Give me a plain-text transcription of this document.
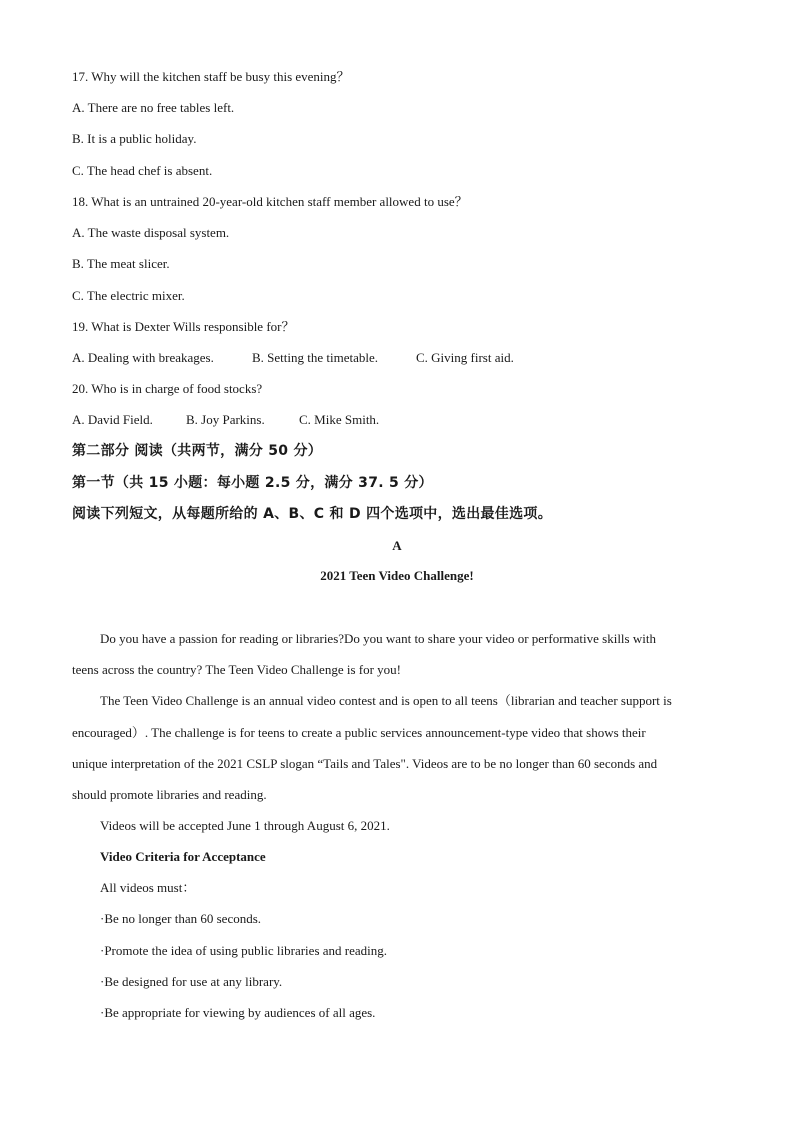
17. Why will the kitchen staff be busy this evening？
A. There are no free tables left.
B. It is a public holiday.
C. The head chef is absent.
18. What is an untrained 20-year-old kitchen staff member allowed to use？
A. The waste disposal system.
B. The meat slicer.
C. The electric mixer.
19. What is Dexter Wills responsible for？
A. Dealing with breakages.	B. Setting the timetable.	C. Giving first aid.
20. Who is in charge of food stocks?
A. David Field.	B. Joy Parkins.	C. Mike Smith.
第二部分 阅读（共两节，满分 50 分）
第一节（共 15 小题：每小题 2.5 分，满分 37. 5 分）
阅读下列短文，从每题所给的 A、B、C 和 D 四个选项中，选出最佳选项。
A
2021 Teen Video Challenge!
Do you have a passion for reading or libraries?Do you want to share your video or performative skills with
teens across the country? The Teen Video Challenge is for you!
The Teen Video Challenge is an annual video contest and is open to all teens（librarian and teacher support is
encouraged）. The challenge is for teens to create a public services announcement-type video that shows their
unique interpretation of the 2021 CSLP slogan “Tails and Tales". Videos are to be no longer than 60 seconds and
should promote libraries and reading.
Videos will be accepted June 1 through August 6, 2021.
Video Criteria for Acceptance
All videos must：
·Be no longer than 60 seconds.
·Promote the idea of using public libraries and reading.
·Be designed for use at any library.
·Be appropriate for viewing by audiences of all ages.
